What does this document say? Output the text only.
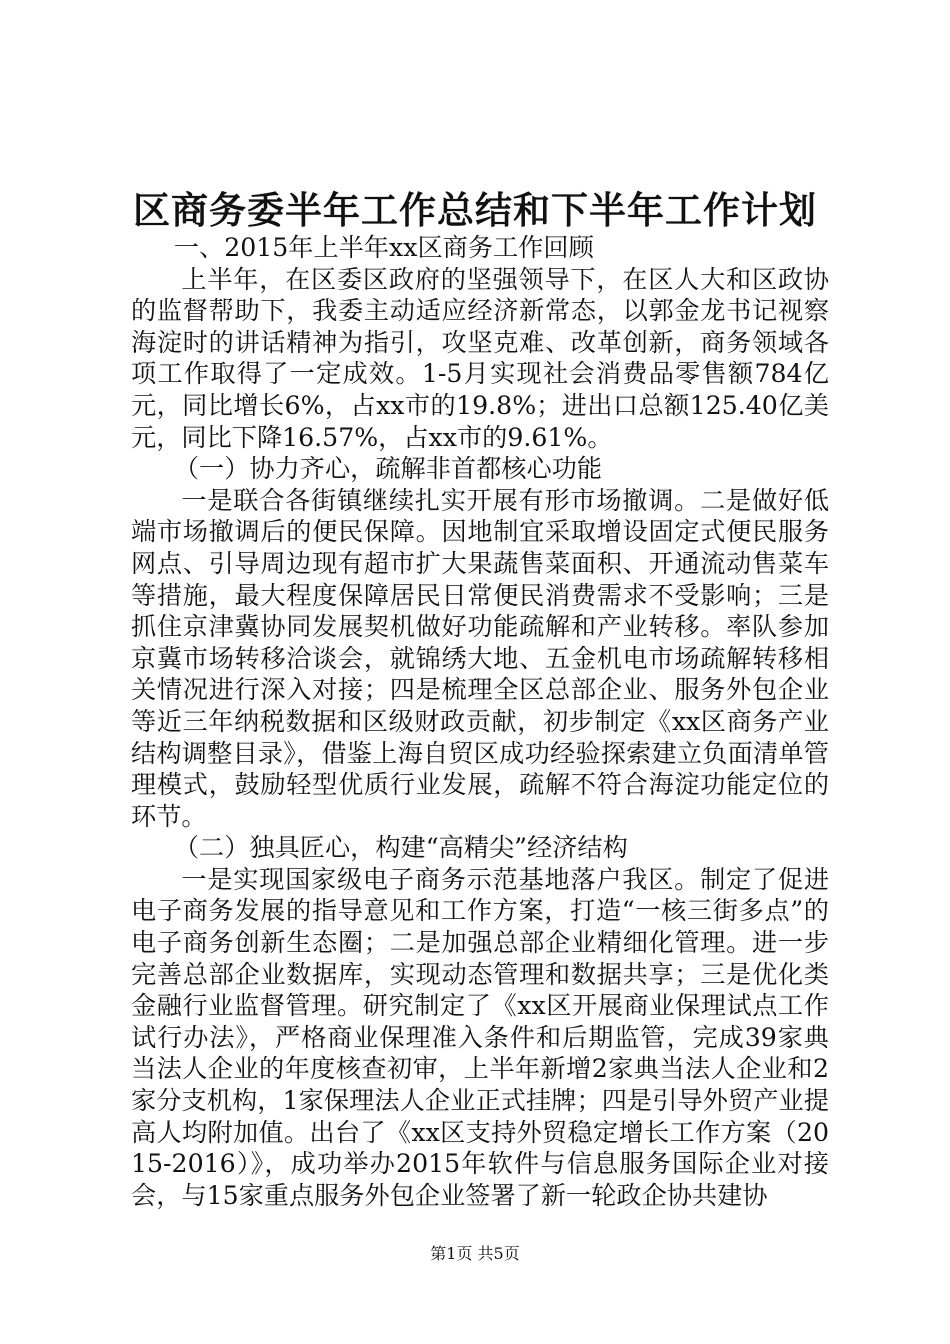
区商务委半年工作总结和下半年工作计划

一、2015年上半年xx区商务工作回顾

上半年，在区委区政府的坚强领导下，在区人大和区政协的监督帮助下，我委主动适应经济新常态，以郭金龙书记视察海淀时的讲话精神为指引，攻坚克难、改革创新，商务领域各项工作取得了一定成效。1-5月实现社会消费品零售额784亿元，同比增长6%，占xx市的19.8%；进出口总额125.40亿美元，同比下降16.57%，占xx市的9.61%。

（一）协力齐心，疏解非首都核心功能

一是联合各街镇继续扎实开展有形市场撤调。二是做好低端市场撤调后的便民保障。因地制宜采取增设固定式便民服务网点、引导周边现有超市扩大果蔬售菜面积、开通流动售菜车等措施，最大程度保障居民日常便民消费需求不受影响；三是抓住京津冀协同发展契机做好功能疏解和产业转移。率队参加京冀市场转移洽谈会，就锦绣大地、五金机电市场疏解转移相关情况进行深入对接；四是梳理全区总部企业、服务外包企业等近三年纳税数据和区级财政贡献，初步制定《xx区商务产业结构调整目录》，借鉴上海自贸区成功经验探索建立负面清单管理模式，鼓励轻型优质行业发展，疏解不符合海淀功能定位的环节。

（二）独具匠心，构建“高精尖”经济结构

一是实现国家级电子商务示范基地落户我区。制定了促进电子商务发展的指导意见和工作方案，打造“一核三街多点”的电子商务创新生态圈；二是加强总部企业精细化管理。进一步完善总部企业数据库，实现动态管理和数据共享；三是优化类金融行业监督管理。研究制定了《xx区开展商业保理试点工作试行办法》，严格商业保理准入条件和后期监管，完成39家典当法人企业的年度核查初审，上半年新增2家典当法人企业和2家分支机构，1家保理法人企业正式挂牌；四是引导外贸产业提高人均附加值。出台了《xx区支持外贸稳定增长工作方案（2015-2016）》，成功举办2015年软件与信息服务国际企业对接会，与15家重点服务外包企业签署了新一轮政企协共建协

第1页 共5页
